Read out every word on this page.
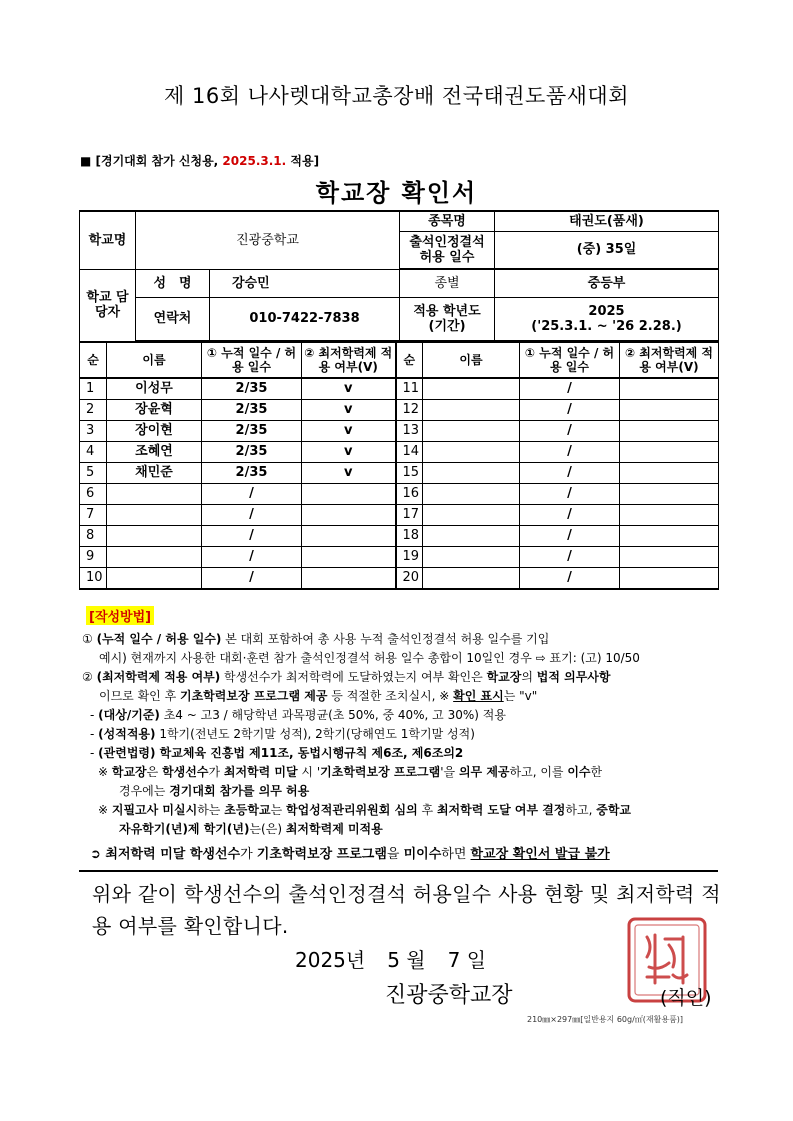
제 16회 나사렛대학교총장배 전국태권도품새대회
■ [경기대회 참가 신청용, 2025.3.1. 적용]
학교장 확인서
학교명	진광중학교		종목명	태권도(품새)
			출석인정결석 허용 일수	(중) 35일
학교 담당자	성　명	강승민	종별	중등부
	연락처	010-7422-7838	적용 학년도 (기간)	2025
('25.3.1. ~ '26 2.28.)
순	이름	① 누적 일수 / 허용 일수	② 최저학력제 적용 여부(V)	순	이름	① 누적 일수 / 허용 일수	② 최저학력제 적용 여부(V)
1	이성무	2/35	v	11		/	
2	장윤혁	2/35	v	12		/	
3	장이현	2/35	v	13		/	
4	조혜연	2/35	v	14		/	
5	채민준	2/35	v	15		/	
6		/		16		/	
7		/		17		/	
8		/		18		/	
9		/		19		/	
10		/		20		/	
[작성방법]
① (누적 일수 / 허용 일수) 본 대회 포함하여 총 사용 누적 출석인정결석 허용 일수를 기입
예시) 현재까지 사용한 대회·훈련 참가 출석인정결석 허용 일수 총합이 10일인 경우 ⇨ 표기: (고) 10/50
② (최저학력제 적용 여부) 학생선수가 최저학력에 도달하였는지 여부 확인은 학교장의 법적 의무사항
이므로 확인 후 기초학력보장 프로그램 제공 등 적절한 조치실시, ※ 확인 표시는 "v"
- (대상/기준) 초4 ~ 고3 / 해당학년 과목평균(초 50%, 중 40%, 고 30%) 적용
- (성적적용) 1학기(전년도 2학기말 성적), 2학기(당해연도 1학기말 성적)
- (관련법령) 학교체육 진흥법 제11조, 동법시행규칙 제6조, 제6조의2
※ 학교장은 학생선수가 최저학력 미달 시 '기초학력보장 프로그램'을 의무 제공하고, 이를 이수한
경우에는 경기대회 참가를 의무 허용
※ 지필고사 미실시하는 초등학교는 학업성적관리위원회 심의 후 최저학력 도달 여부 결정하고, 중학교
자유학기(년)제 학기(년)는(은) 최저학력제 미적용
➲ 최저학력 미달 학생선수가 기초학력보장 프로그램을 미이수하면 학교장 확인서 발급 불가
위와 같이 학생선수의 출석인정결석 허용일수 사용 현황 및 최저학력 적용 여부를 확인합니다.
2025년 5 월 7 일
진광중학교장	(직인)
210㎜×297㎜[일반용지 60g/㎡(재활용품)]
